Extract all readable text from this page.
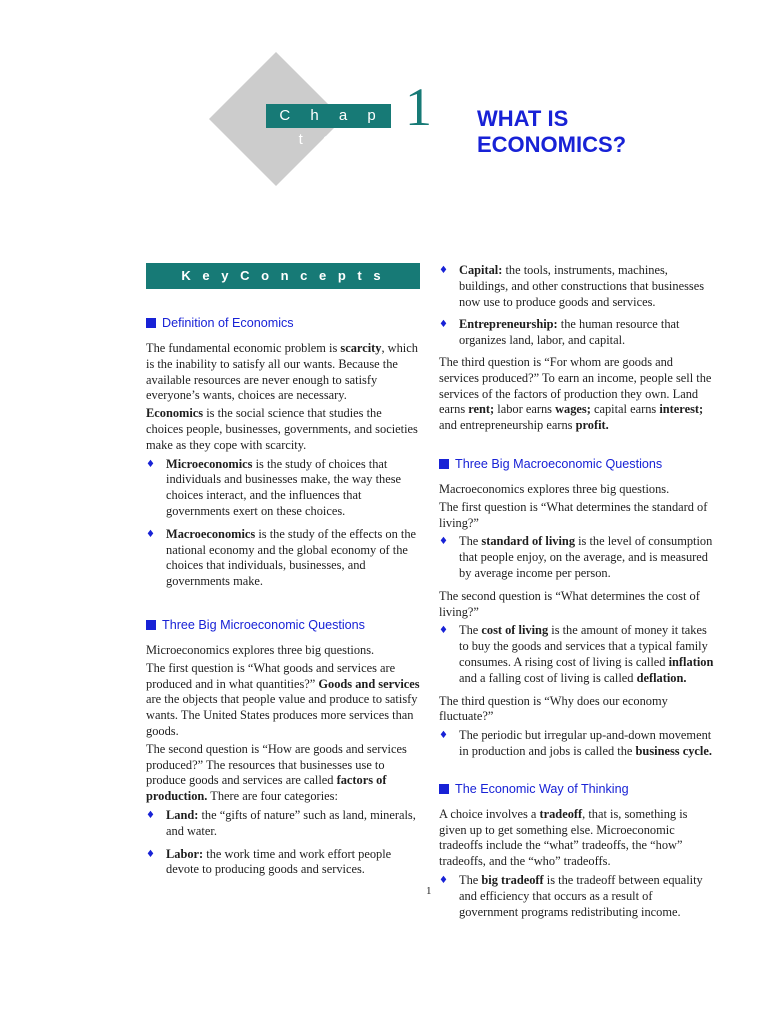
C h a p t e r
1 WHAT IS
ECONOMICS?
K e y C o n c e p t s
Definition of Economics

The fundamental economic problem is scarcity, which is the inability to satisfy all our wants. Because the available resources are never enough to satisfy everyone’s wants, choices are necessary.

Economics is the social science that studies the choices people, businesses, governments, and societies make as they cope with scarcity.

♦ Microeconomics is the study of choices that individuals and businesses make, the way these choices interact, and the influences that governments exert on these choices.
♦ Macroeconomics is the study of the effects on the national economy and the global economy of the choices that individuals, businesses, and governments make.
Three Big Microeconomic Questions

Microeconomics explores three big questions.

The first question is “What goods and services are produced and in what quantities?” Goods and services are the objects that people value and produce to satisfy wants. The United States produces more services than goods.

The second question is “How are goods and services produced?” The resources that businesses use to produce goods and services are called factors of production. There are four categories:

♦ Land: the “gifts of nature” such as land, minerals, and water.
♦ Labor: the work time and work effort people devote to producing goods and services.
♦ Capital: the tools, instruments, machines, buildings, and other constructions that businesses now use to produce goods and services.
♦ Entrepreneurship: the human resource that organizes land, labor, and capital.

The third question is “For whom are goods and services produced?” To earn an income, people sell the services of the factors of production they own. Land earns rent; labor earns wages; capital earns interest; and entrepreneurship earns profit.

Three Big Macroeconomic Questions

Macroeconomics explores three big questions.

The first question is “What determines the standard of living?”

♦ The standard of living is the level of consumption that people enjoy, on the average, and is measured by average income per person.

The second question is “What determines the cost of living?”

♦ The cost of living is the amount of money it takes to buy the goods and services that a typical family consumes. A rising cost of living is called inflation and a falling cost of living is called deflation.

The third question is “Why does our economy fluctuate?”

♦ The periodic but irregular up-and-down movement in production and jobs is called the business cycle.
The Economic Way of Thinking

A choice involves a tradeoff, that is, something is given up to get something else. Microeconomic tradeoffs include the “what” tradeoffs, the “how” tradeoffs, and the “who” tradeoffs.

♦ The big tradeoff is the tradeoff between equality and efficiency that occurs as a result of government programs redistributing income.
1
